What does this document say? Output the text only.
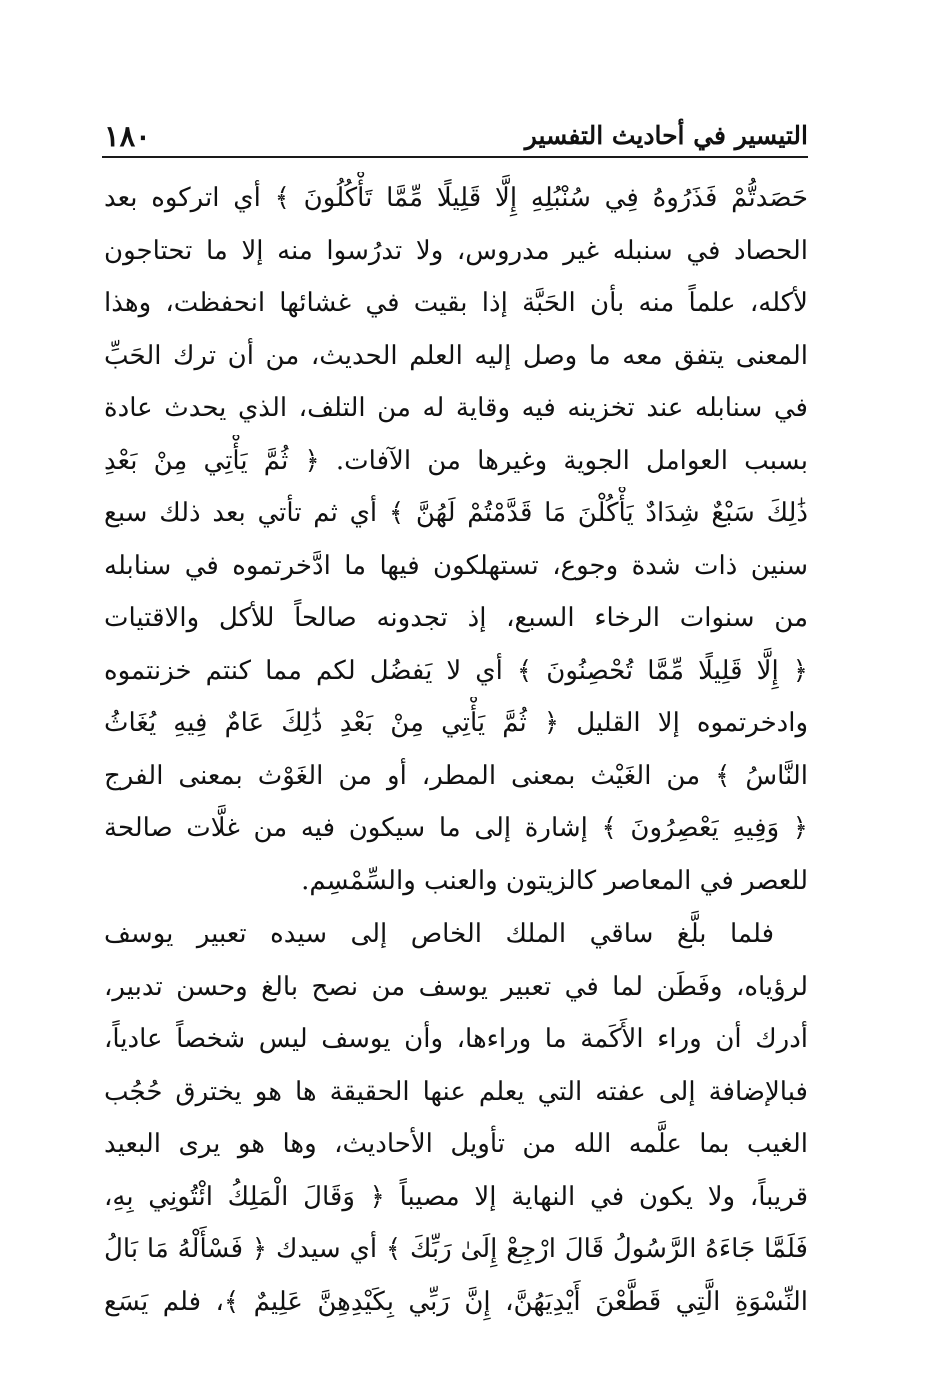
١٨٠	التيسير في أحاديث التفسير
حَصَدتُّمْ فَذَرُوهُ فِي سُنْبُلِهِ إِلَّا قَلِيلًا مِّمَّا تَأْكُلُونَ ﴾ أي اتركوه بعد
الحصاد في سنبله غير مدروس، ولا تدرُسوا منه إلا ما تحتاجون
لأكله، علماً منه بأن الحَبَّة إذا بقيت في غشائها انحفظت، وهذا
المعنى يتفق معه ما وصل إليه العلم الحديث، من أن ترك الحَبِّ
في سنابله عند تخزينه فيه وقاية له من التلف، الذي يحدث عادة
بسبب العوامل الجوية وغيرها من الآفات. ﴿ ثُمَّ يَأْتِي مِنْ بَعْدِ
ذَٰلِكَ سَبْعٌ شِدَادٌ يَأْكُلْنَ مَا قَدَّمْتُمْ لَهُنَّ ﴾ أي ثم تأتي بعد ذلك سبع
سنين ذات شدة وجوع، تستهلكون فيها ما ادَّخرتموه في سنابله
من سنوات الرخاء السبع، إذ تجدونه صالحاً للأكل والاقتيات
﴿ إِلَّا قَلِيلًا مِّمَّا تُحْصِنُونَ ﴾ أي لا يَفضُل لكم مما كنتم خزنتموه
وادخرتموه إلا القليل ﴿ ثُمَّ يَأْتِي مِنْ بَعْدِ ذَٰلِكَ عَامٌ فِيهِ يُغَاثُ
النَّاسُ ﴾ من الغَيْث بمعنى المطر، أو من الغَوْث بمعنى الفرج
﴿ وَفِيهِ يَعْصِرُونَ ﴾ إشارة إلى ما سيكون فيه من غلَّات صالحة
للعصر في المعاصر كالزيتون والعنب والسِّمْسِم.
فلما بلَّغ ساقي الملك الخاص إلى سيده تعبير يوسف
لرؤياه، وفَطَن لما في تعبير يوسف من نصح بالغ وحسن تدبير،
أدرك أن وراء الأَكَمة ما وراءها، وأن يوسف ليس شخصاً عادياً،
فبالإضافة إلى عفته التي يعلم عنها الحقيقة ها هو يخترق حُجُب
الغيب بما علَّمه الله من تأويل الأحاديث، وها هو يرى البعيد
قريباً، ولا يكون في النهاية إلا مصيباً ﴿ وَقَالَ الْمَلِكُ ائْتُونِي بِهِ،
فَلَمَّا جَاءَهُ الرَّسُولُ قَالَ ارْجِعْ إِلَىٰ رَبِّكَ ﴾ أي سيدك ﴿ فَسْأَلْهُ مَا بَالُ
النِّسْوَةِ الَّتِي قَطَّعْنَ أَيْدِيَهُنَّ، إِنَّ رَبِّي بِكَيْدِهِنَّ عَلِيمٌ ﴾، فلم يَسَع
